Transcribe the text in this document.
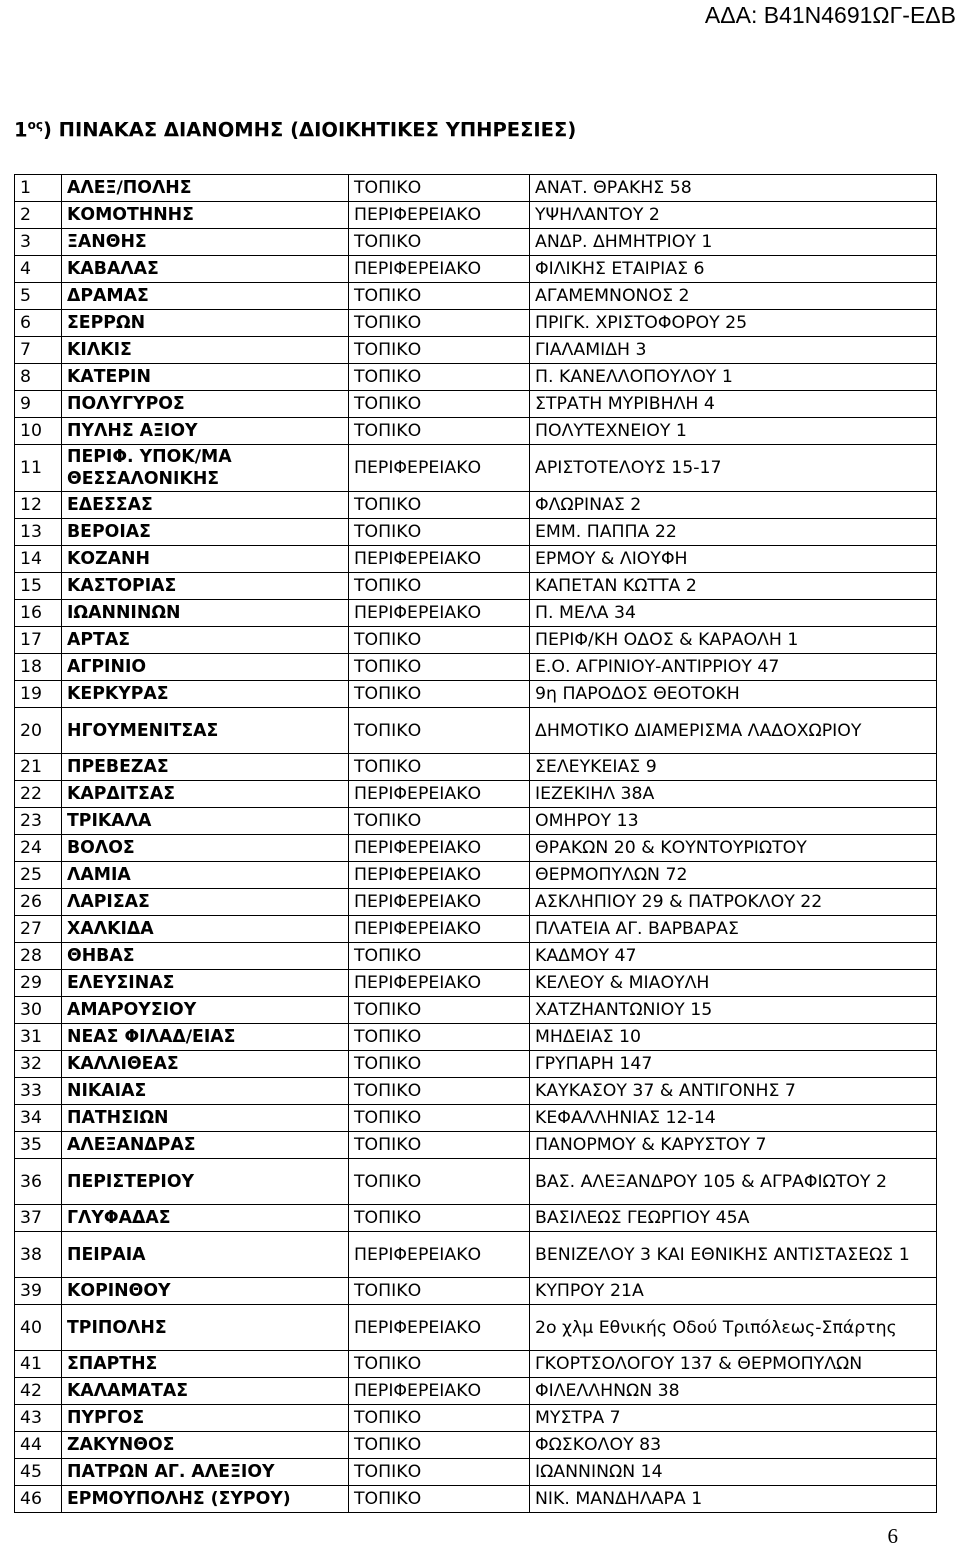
ΑΔΑ: Β41Ν4691ΩΓ-ΕΔΒ
$1^{o\varsigma}$) ΠΙΝΑΚΑΣ ΔΙΑΝΟΜΗΣ (ΔΙΟΙΚΗΤΙΚΕΣ ΥΠΗΡΕΣΙΕΣ)
1	ΑΛΕΞ/ΠΟΛΗΣ	ΤΟΠΙΚΟ	ΑΝΑΤ. ΘΡΑΚΗΣ 58
2	ΚΟΜΟΤΗΝΗΣ	ΠΕΡΙΦΕΡΕΙΑΚΟ	ΥΨΗΛΑΝΤΟΥ 2
3	ΞΑΝΘΗΣ	ΤΟΠΙΚΟ	ΑΝΔΡ. ΔΗΜΗΤΡΙΟΥ 1
4	ΚΑΒΑΛΑΣ	ΠΕΡΙΦΕΡΕΙΑΚΟ	ΦΙΛΙΚΗΣ ΕΤΑΙΡΙΑΣ 6
5	ΔΡΑΜΑΣ	ΤΟΠΙΚΟ	ΑΓΑΜΕΜΝΟΝΟΣ 2
6	ΣΕΡΡΩΝ	ΤΟΠΙΚΟ	ΠΡΙΓΚ. ΧΡΙΣΤΟΦΟΡΟΥ 25
7	ΚΙΛΚΙΣ	ΤΟΠΙΚΟ	ΓΙΑΛΑΜΙΔΗ 3
8	ΚΑΤΕΡΙΝ	ΤΟΠΙΚΟ	Π. ΚΑΝΕΛΛΟΠΟΥΛΟΥ 1
9	ΠΟΛΥΓΥΡΟΣ	ΤΟΠΙΚΟ	ΣΤΡΑΤΗ ΜΥΡΙΒΗΛΗ 4
10	ΠΥΛΗΣ ΑΞΙΟΥ	ΤΟΠΙΚΟ	ΠΟΛΥΤΕΧΝΕΙΟΥ 1
11	ΠΕΡΙΦ. ΥΠΟΚ/ΜΑ ΘΕΣΣΑΛΟΝΙΚΗΣ	ΠΕΡΙΦΕΡΕΙΑΚΟ	ΑΡΙΣΤΟΤΕΛΟΥΣ 15-17
12	ΕΔΕΣΣΑΣ	ΤΟΠΙΚΟ	ΦΛΩΡΙΝΑΣ 2
13	ΒΕΡΟΙΑΣ	ΤΟΠΙΚΟ	ΕΜΜ. ΠΑΠΠΑ 22
14	ΚΟΖΑΝΗ	ΠΕΡΙΦΕΡΕΙΑΚΟ	ΕΡΜΟΥ & ΛΙΟΥΦΗ
15	ΚΑΣΤΟΡΙΑΣ	ΤΟΠΙΚΟ	ΚΑΠΕΤΑΝ ΚΩΤΤΑ 2
16	ΙΩΑΝΝΙΝΩΝ	ΠΕΡΙΦΕΡΕΙΑΚΟ	Π. ΜΕΛΑ 34
17	ΑΡΤΑΣ	ΤΟΠΙΚΟ	ΠΕΡΙΦ/ΚΗ ΟΔΟΣ & ΚΑΡΑΟΛΗ 1
18	ΑΓΡΙΝΙΟ	ΤΟΠΙΚΟ	Ε.Ο. ΑΓΡΙΝΙΟΥ-ΑΝΤΙΡΡΙΟΥ 47
19	ΚΕΡΚΥΡΑΣ	ΤΟΠΙΚΟ	9η ΠΑΡΟΔΟΣ ΘΕΟΤΟΚΗ
20	ΗΓΟΥΜΕΝΙΤΣΑΣ	ΤΟΠΙΚΟ	ΔΗΜΟΤΙΚΟ ΔΙΑΜΕΡΙΣΜΑ ΛΑΔΟΧΩΡΙΟΥ
21	ΠΡΕΒΕΖΑΣ	ΤΟΠΙΚΟ	ΣΕΛΕΥΚΕΙΑΣ 9
22	ΚΑΡΔΙΤΣΑΣ	ΠΕΡΙΦΕΡΕΙΑΚΟ	ΙΕΖΕΚΙΗΛ 38Α
23	ΤΡΙΚΑΛΑ	ΤΟΠΙΚΟ	ΟΜΗΡΟΥ 13
24	ΒΟΛΟΣ	ΠΕΡΙΦΕΡΕΙΑΚΟ	ΘΡΑΚΩΝ 20 & ΚΟΥΝΤΟΥΡΙΩΤΟΥ
25	ΛΑΜΙΑ	ΠΕΡΙΦΕΡΕΙΑΚΟ	ΘΕΡΜΟΠΥΛΩΝ 72
26	ΛΑΡΙΣΑΣ	ΠΕΡΙΦΕΡΕΙΑΚΟ	ΑΣΚΛΗΠΙΟΥ 29 & ΠΑΤΡΟΚΛΟΥ 22
27	ΧΑΛΚΙΔΑ	ΠΕΡΙΦΕΡΕΙΑΚΟ	ΠΛΑΤΕΙΑ ΑΓ. ΒΑΡΒΑΡΑΣ
28	ΘΗΒΑΣ	ΤΟΠΙΚΟ	ΚΑΔΜΟΥ 47
29	ΕΛΕΥΣΙΝΑΣ	ΠΕΡΙΦΕΡΕΙΑΚΟ	ΚΕΛΕΟΥ & ΜΙΑΟΥΛΗ
30	ΑΜΑΡΟΥΣΙΟΥ	ΤΟΠΙΚΟ	ΧΑΤΖΗΑΝΤΩΝΙΟΥ 15
31	ΝΕΑΣ ΦΙΛΑΔ/ΕΙΑΣ	ΤΟΠΙΚΟ	ΜΗΔΕΙΑΣ 10
32	ΚΑΛΛΙΘΕΑΣ	ΤΟΠΙΚΟ	ΓΡΥΠΑΡΗ 147
33	ΝΙΚΑΙΑΣ	ΤΟΠΙΚΟ	ΚΑΥΚΑΣΟΥ 37 & ΑΝΤΙΓΟΝΗΣ 7
34	ΠΑΤΗΣΙΩΝ	ΤΟΠΙΚΟ	ΚΕΦΑΛΛΗΝΙΑΣ 12-14
35	ΑΛΕΞΑΝΔΡΑΣ	ΤΟΠΙΚΟ	ΠΑΝΟΡΜΟΥ & ΚΑΡΥΣΤΟΥ 7
36	ΠΕΡΙΣΤΕΡΙΟΥ	ΤΟΠΙΚΟ	ΒΑΣ. ΑΛΕΞΑΝΔΡΟΥ 105 & ΑΓΡΑΦΙΩΤΟΥ 2
37	ΓΛΥΦΑΔΑΣ	ΤΟΠΙΚΟ	ΒΑΣΙΛΕΩΣ ΓΕΩΡΓΙΟΥ 45Α
38	ΠΕΙΡΑΙΑ	ΠΕΡΙΦΕΡΕΙΑΚΟ	ΒΕΝΙΖΕΛΟΥ 3 ΚΑΙ ΕΘΝΙΚΗΣ ΑΝΤΙΣΤΑΣΕΩΣ 1
39	ΚΟΡΙΝΘΟΥ	ΤΟΠΙΚΟ	ΚΥΠΡΟΥ 21Α
40	ΤΡΙΠΟΛΗΣ	ΠΕΡΙΦΕΡΕΙΑΚΟ	2ο χλμ Εθνικής Οδού Τριπόλεως-Σπάρτης
41	ΣΠΑΡΤΗΣ	ΤΟΠΙΚΟ	ΓΚΟΡΤΣΟΛΟΓΟΥ 137 & ΘΕΡΜΟΠΥΛΩΝ
42	ΚΑΛΑΜΑΤΑΣ	ΠΕΡΙΦΕΡΕΙΑΚΟ	ΦΙΛΕΛΛΗΝΩΝ 38
43	ΠΥΡΓΟΣ	ΤΟΠΙΚΟ	ΜΥΣΤΡΑ 7
44	ΖΑΚΥΝΘΟΣ	ΤΟΠΙΚΟ	ΦΩΣΚΟΛΟΥ 83
45	ΠΑΤΡΩΝ ΑΓ. ΑΛΕΞΙΟΥ	ΤΟΠΙΚΟ	ΙΩΑΝΝΙΝΩΝ 14
46	ΕΡΜΟΥΠΟΛΗΣ (ΣΥΡΟΥ)	ΤΟΠΙΚΟ	ΝΙΚ. ΜΑΝΔΗΛΑΡΑ 1
6
